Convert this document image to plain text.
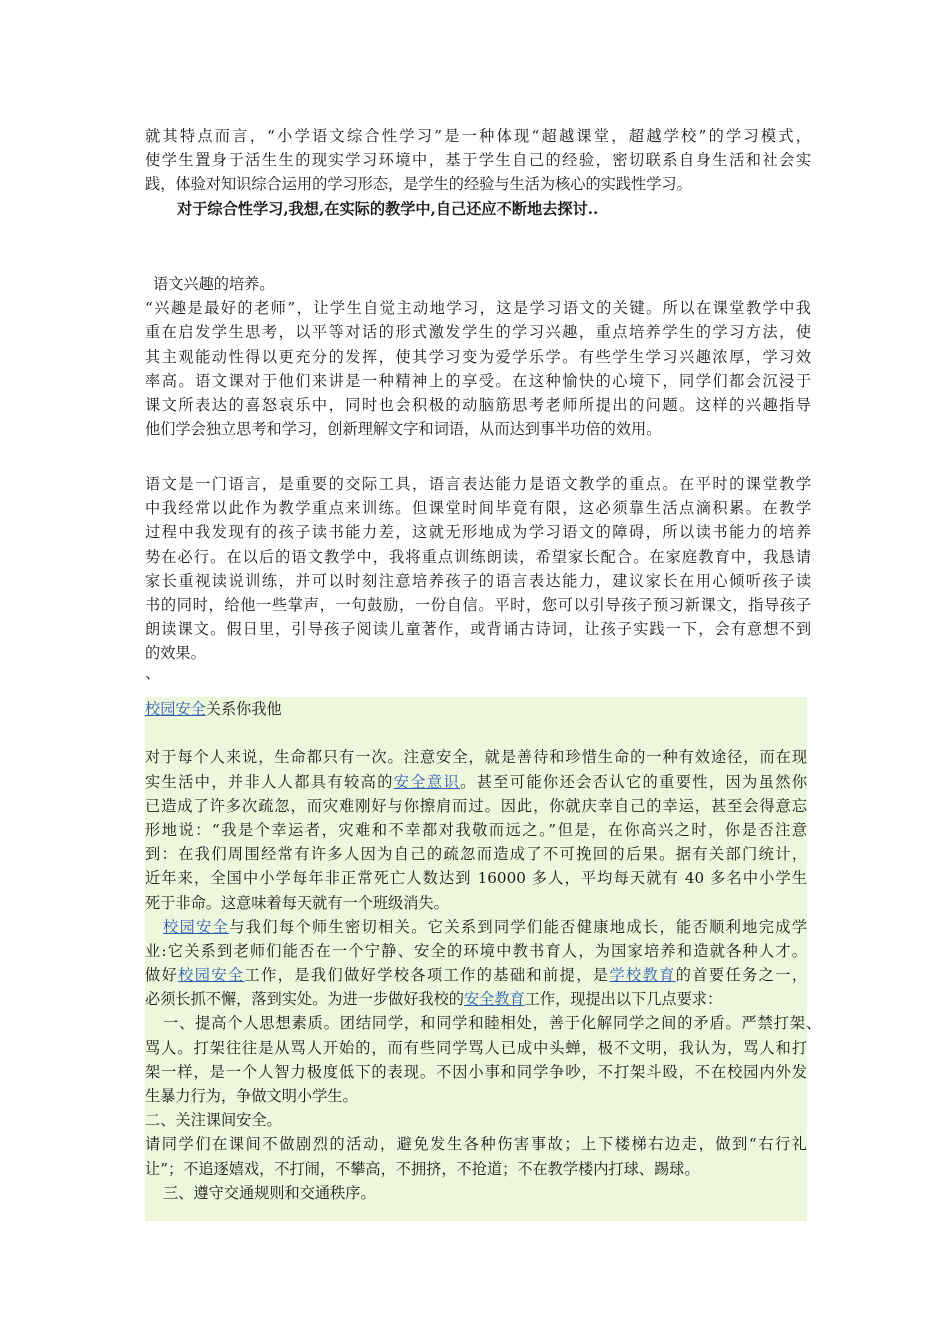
就其特点而言，“小学语文综合性学习”是一种体现“超越课堂，超越学校”的学习模式，
使学生置身于活生生的现实学习环境中，基于学生自己的经验，密切联系自身生活和社会实
践，体验对知识综合运用的学习形态，是学生的经验与生活为核心的实践性学习。
对于综合性学习,我想,在实际的教学中,自己还应不断地去探讨..
语文兴趣的培养。
“兴趣是最好的老师”，让学生自觉主动地学习，这是学习语文的关键。所以在课堂教学中我
重在启发学生思考，以平等对话的形式激发学生的学习兴趣，重点培养学生的学习方法，使
其主观能动性得以更充分的发挥，使其学习变为爱学乐学。有些学生学习兴趣浓厚，学习效
率高。语文课对于他们来讲是一种精神上的享受。在这种愉快的心境下，同学们都会沉浸于
课文所表达的喜怒哀乐中，同时也会积极的动脑筋思考老师所提出的问题。这样的兴趣指导
他们学会独立思考和学习，创新理解文字和词语，从而达到事半功倍的效用。
语文是一门语言，是重要的交际工具，语言表达能力是语文教学的重点。在平时的课堂教学
中我经常以此作为教学重点来训练。但课堂时间毕竟有限，这必须靠生活点滴积累。在教学
过程中我发现有的孩子读书能力差，这就无形地成为学习语文的障碍，所以读书能力的培养
势在必行。在以后的语文教学中，我将重点训练朗读，希望家长配合。在家庭教育中，我恳请
家长重视读说训练，并可以时刻注意培养孩子的语言表达能力，建议家长在用心倾听孩子读
书的同时，给他一些掌声，一句鼓励，一份自信。平时，您可以引导孩子预习新课文，指导孩子
朗读课文。假日里，引导孩子阅读儿童著作，或背诵古诗词，让孩子实践一下，会有意想不到
的效果。
、
校园安全关系你我他
对于每个人来说，生命都只有一次。注意安全，就是善待和珍惜生命的一种有效途径，而在现
实生活中，并非人人都具有较高的安全意识。甚至可能你还会否认它的重要性，因为虽然你
已造成了许多次疏忽，而灾难刚好与你擦肩而过。因此，你就庆幸自己的幸运，甚至会得意忘
形地说：“我是个幸运者，灾难和不幸都对我敬而远之。”但是，在你高兴之时，你是否注意
到：在我们周围经常有许多人因为自己的疏忽而造成了不可挽回的后果。据有关部门统计，
近年来，全国中小学每年非正常死亡人数达到 16000 多人，平均每天就有 40 多名中小学生
死于非命。这意味着每天就有一个班级消失。
校园安全与我们每个师生密切相关。它关系到同学们能否健康地成长，能否顺利地完成学
业:它关系到老师们能否在一个宁静、安全的环境中教书育人，为国家培养和造就各种人才。
做好校园安全工作，是我们做好学校各项工作的基础和前提，是学校教育的首要任务之一，
必须长抓不懈，落到实处。为进一步做好我校的安全教育工作，现提出以下几点要求：
一、提高个人思想素质。团结同学，和同学和睦相处，善于化解同学之间的矛盾。严禁打架、
骂人。打架往往是从骂人开始的，而有些同学骂人已成中头蝉，极不文明，我认为，骂人和打
架一样，是一个人智力极度低下的表现。不因小事和同学争吵，不打架斗殴，不在校园内外发
生暴力行为，争做文明小学生。
二、关注课间安全。
请同学们在课间不做剧烈的活动，避免发生各种伤害事故；上下楼梯右边走，做到“右行礼
让”；不追逐嬉戏，不打闹，不攀高，不拥挤，不抢道；不在教学楼内打球、踢球。
三、遵守交通规则和交通秩序。
